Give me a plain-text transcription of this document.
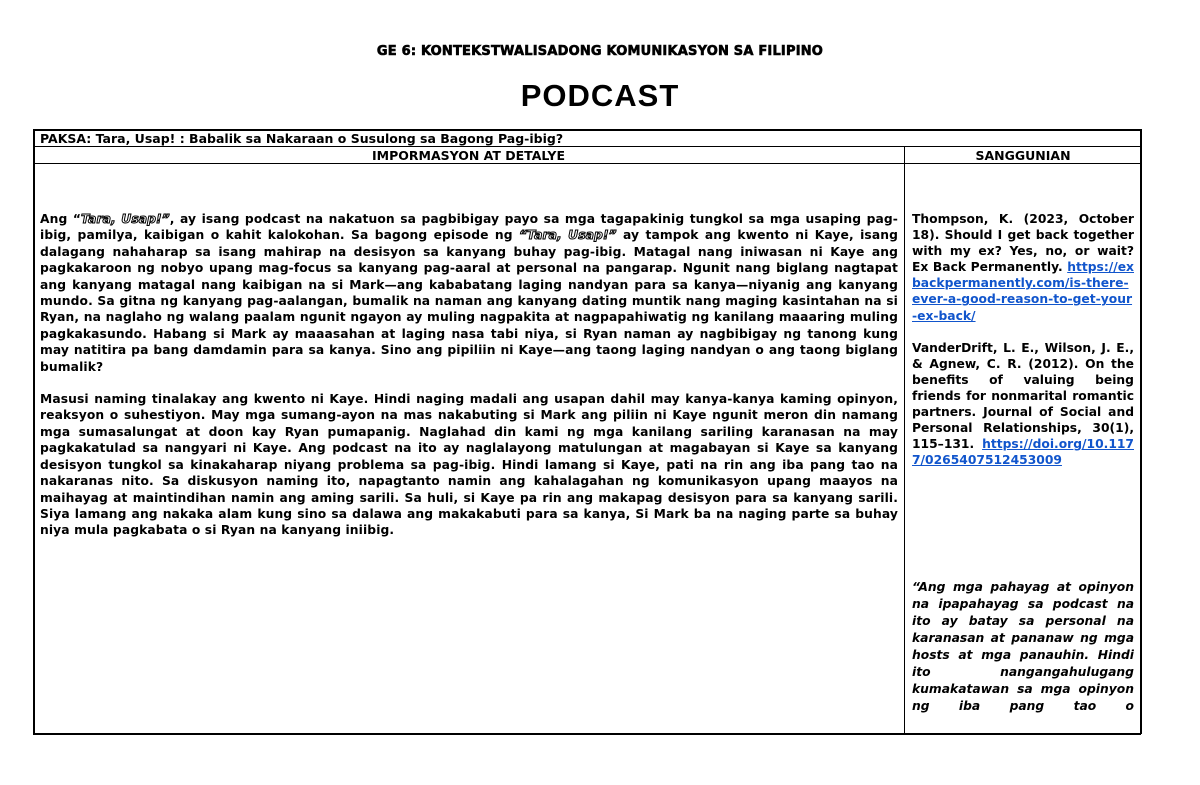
GE 6: KONTEKSTWALISADONG KOMUNIKASYON SA FILIPINO
PODCAST
PAKSA: Tara, Usap! : Babalik sa Nakaraan o Susulong sa Bagong Pag-ibig?
IMPORMASYON AT DETALYE	SANGGUNIAN

Ang “Tara, Usap!”, ay isang podcast na nakatuon sa pagbibigay payo sa mga tagapakinig tungkol sa mga usaping pag-ibig, pamilya, kaibigan o kahit kalokohan. Sa bagong episode ng “Tara, Usap!” ay tampok ang kwento ni Kaye, isang dalagang nahaharap sa isang mahirap na desisyon sa kanyang buhay pag-ibig. Matagal nang iniwasan ni Kaye ang pagkakaroon ng nobyo upang mag-focus sa kanyang pag-aaral at personal na pangarap. Ngunit nang biglang nagtapat ang kanyang matagal nang kaibigan na si Mark—ang kababatang laging nandyan para sa kanya—niyanig ang kanyang mundo. Sa gitna ng kanyang pag-aalangan, bumalik na naman ang kanyang dating muntik nang maging kasintahan na si Ryan, na naglaho ng walang paalam ngunit ngayon ay muling nagpakita at nagpapahiwatig ng kanilang maaaring muling pagkakasundo. Habang si Mark ay maaasahan at laging nasa tabi niya, si Ryan naman ay nagbibigay ng tanong kung may natitira pa bang damdamin para sa kanya. Sino ang pipiliin ni Kaye—ang taong laging nandyan o ang taong biglang bumalik?

Masusi naming tinalakay ang kwento ni Kaye. Hindi naging madali ang usapan dahil may kanya-kanya kaming opinyon, reaksyon o suhestiyon. May mga sumang-ayon na mas nakabuting si Mark ang piliin ni Kaye ngunit meron din namang mga sumasalungat at doon kay Ryan pumapanig. Naglahad din kami ng mga kanilang sariling karanasan na may pagkakatulad sa nangyari ni Kaye. Ang podcast na ito ay naglalayong matulungan at magabayan si Kaye sa kanyang desisyon tungkol sa kinakaharap niyang problema sa pag-ibig. Hindi lamang si Kaye, pati na rin ang iba pang tao na nakaranas nito. Sa diskusyon naming ito, napagtanto namin ang kahalagahan ng komunikasyon upang maayos na maihayag at maintindihan namin ang aming sarili. Sa huli, si Kaye pa rin ang makapag desisyon para sa kanyang sarili. Siya lamang ang nakaka alam kung sino sa dalawa ang makakabuti para sa kanya, Si Mark ba na naging parte sa buhay niya mula pagkabata o si Ryan na kanyang iniibig.

Thompson, K. (2023, October 18). Should I get back together with my ex? Yes, no, or wait? Ex Back Permanently. https://exbackpermanently.com/is-there-ever-a-good-reason-to-get-your-ex-back/

VanderDrift, L. E., Wilson, J. E., & Agnew, C. R. (2012). On the benefits of valuing being friends for nonmarital romantic partners. Journal of Social and Personal Relationships, 30(1), 115–131. https://doi.org/10.1177/0265407512453009

“Ang mga pahayag at opinyon na ipapahayag sa podcast na ito ay batay sa personal na karanasan at pananaw ng mga hosts at mga panauhin. Hindi ito nangangahulugang kumakatawan sa mga opinyon ng iba pang tao o
